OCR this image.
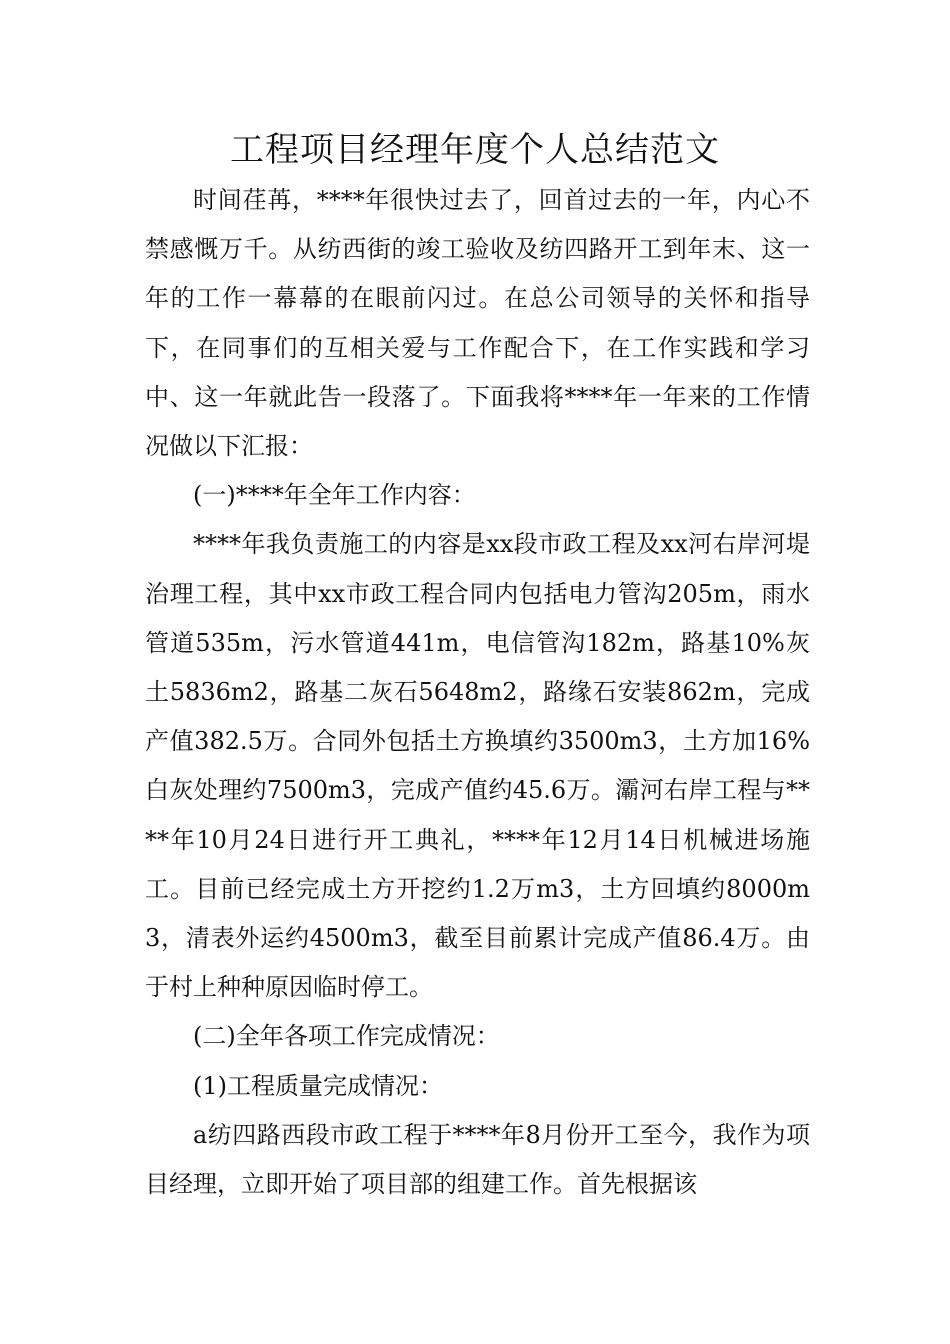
工程项目经理年度个人总结范文

时间荏苒，****年很快过去了，回首过去的一年，内心不禁感慨万千。从纺西街的竣工验收及纺四路开工到年末、这一年的工作一幕幕的在眼前闪过。在总公司领导的关怀和指导下，在同事们的互相关爱与工作配合下，在工作实践和学习中、这一年就此告一段落了。下面我将****年一年来的工作情况做以下汇报：

(一)****年全年工作内容：

****年我负责施工的内容是xx段市政工程及xx河右岸河堤治理工程，其中xx市政工程合同内包括电力管沟205m，雨水管道535m，污水管道441m，电信管沟182m，路基10%灰土5836m2，路基二灰石5648m2，路缘石安装862m，完成产值382.5万。合同外包括土方换填约3500m3，土方加16%白灰处理约7500m3，完成产值约45.6万。灞河右岸工程与****年10月24日进行开工典礼，****年12月14日机械进场施工。目前已经完成土方开挖约1.2万m3，土方回填约8000m3，清表外运约4500m3，截至目前累计完成产值86.4万。由于村上种种原因临时停工。

(二)全年各项工作完成情况：

(1)工程质量完成情况：

a纺四路西段市政工程于****年8月份开工至今，我作为项目经理，立即开始了项目部的组建工作。首先根据该
